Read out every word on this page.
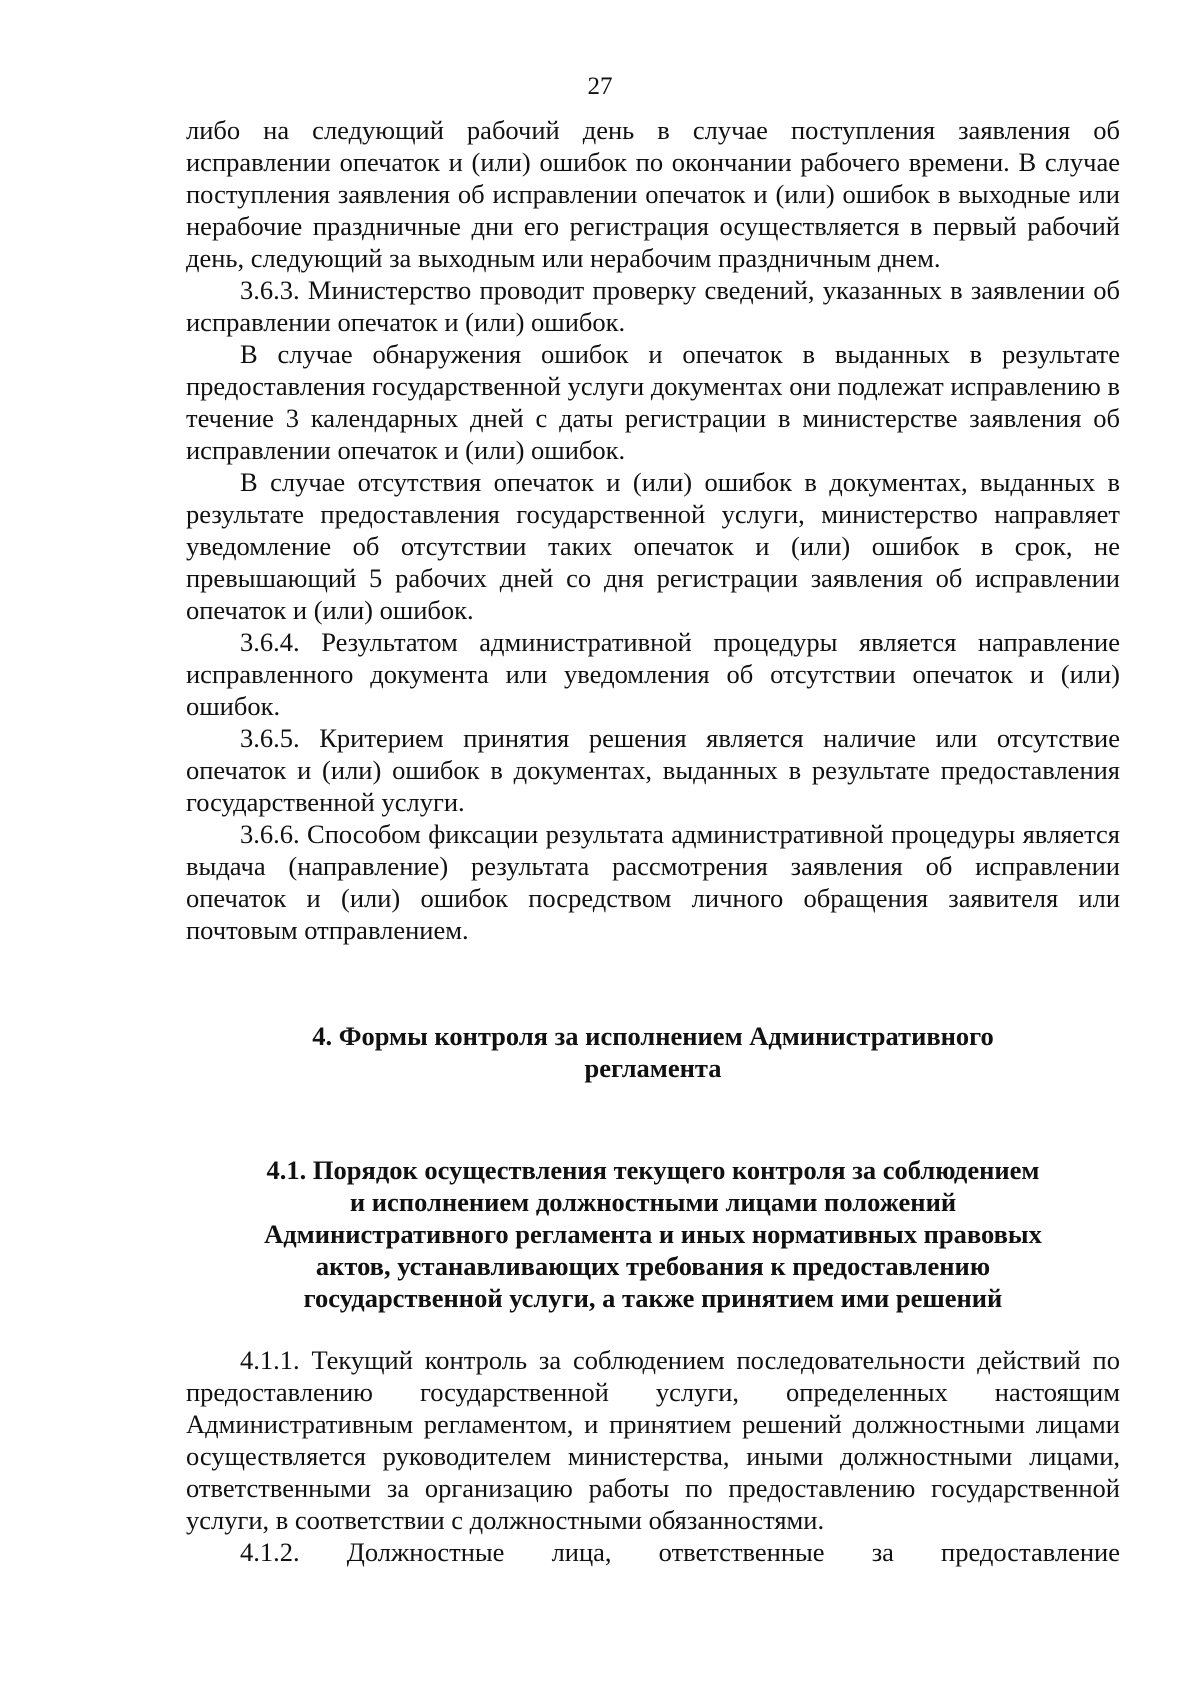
27

либо на следующий рабочий день в случае поступления заявления об исправлении опечаток и (или) ошибок по окончании рабочего времени. В случае поступления заявления об исправлении опечаток и (или) ошибок в выходные или нерабочие праздничные дни его регистрация осуществляется в первый рабочий день, следующий за выходным или нерабочим праздничным днем.

3.6.3. Министерство проводит проверку сведений, указанных в заявлении об исправлении опечаток и (или) ошибок.

В случае обнаружения ошибок и опечаток в выданных в результате предоставления государственной услуги документах они подлежат исправлению в течение 3 календарных дней с даты регистрации в министерстве заявления об исправлении опечаток и (или) ошибок.

В случае отсутствия опечаток и (или) ошибок в документах, выданных в результате предоставления государственной услуги, министерство направляет уведомление об отсутствии таких опечаток и (или) ошибок в срок, не превышающий 5 рабочих дней со дня регистрации заявления об исправлении опечаток и (или) ошибок.

3.6.4. Результатом административной процедуры является направление исправленного документа или уведомления об отсутствии опечаток и (или) ошибок.

3.6.5. Критерием принятия решения является наличие или отсутствие опечаток и (или) ошибок в документах, выданных в результате предоставления государственной услуги.

3.6.6. Способом фиксации результата административной процедуры является выдача (направление) результата рассмотрения заявления об исправлении опечаток и (или) ошибок посредством личного обращения заявителя или почтовым отправлением.

4. Формы контроля за исполнением Административного
регламента
4.1. Порядок осуществления текущего контроля за соблюдением
и исполнением должностными лицами положений
Административного регламента и иных нормативных правовых
актов, устанавливающих требования к предоставлению
государственной услуги, а также принятием ими решений

4.1.1. Текущий контроль за соблюдением последовательности действий по предоставлению государственной услуги, определенных настоящим Административным регламентом, и принятием решений должностными лицами осуществляется руководителем министерства, иными должностными лицами, ответственными за организацию работы по предоставлению государственной услуги, в соответствии с должностными обязанностями.

4.1.2. Должностные лица, ответственные за предоставление
